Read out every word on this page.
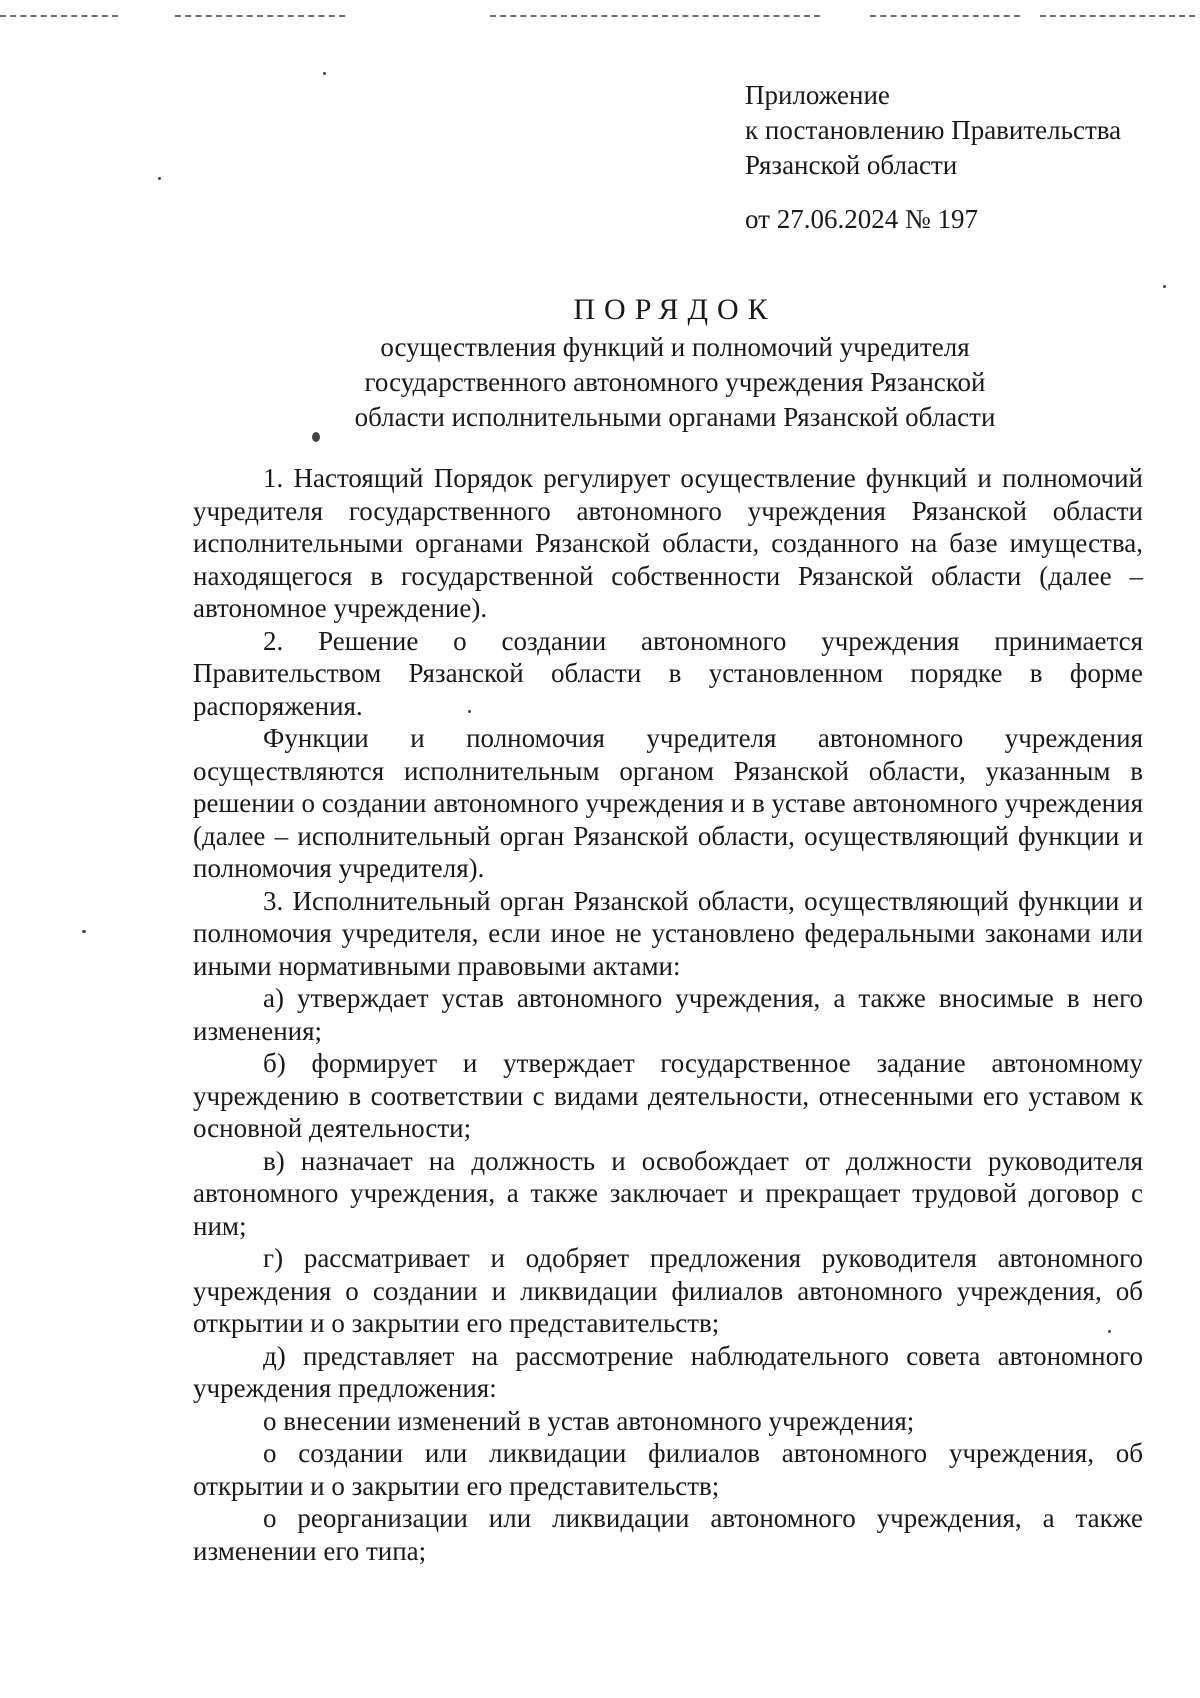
Приложение
к постановлению Правительства
Рязанской области
от 27.06.2024 № 197
ПОРЯДОК
осуществления функций и полномочий учредителя
государственного автономного учреждения Рязанской
области исполнительными органами Рязанской области

1. Настоящий Порядок регулирует осуществление функций и полномочий учредителя государственного автономного учреждения Рязанской области исполнительными органами Рязанской области, созданного на базе имущества, находящегося в государственной собственности Рязанской области (далее – автономное учреждение).

2. Решение о создании автономного учреждения принимается Правительством Рязанской области в установленном порядке в форме распоряжения.

Функции и полномочия учредителя автономного учреждения осуществляются исполнительным органом Рязанской области, указанным в решении о создании автономного учреждения и в уставе автономного учреждения (далее – исполнительный орган Рязанской области, осуществляющий функции и полномочия учредителя).

3. Исполнительный орган Рязанской области, осуществляющий функции и полномочия учредителя, если иное не установлено федеральными законами или иными нормативными правовыми актами:

а) утверждает устав автономного учреждения, а также вносимые в него изменения;

б) формирует и утверждает государственное задание автономному учреждению в соответствии с видами деятельности, отнесенными его уставом к основной деятельности;

в) назначает на должность и освобождает от должности руководителя автономного учреждения, а также заключает и прекращает трудовой договор с ним;

г) рассматривает и одобряет предложения руководителя автономного учреждения о создании и ликвидации филиалов автономного учреждения, об открытии и о закрытии его представительств;

д) представляет на рассмотрение наблюдательного совета автономного учреждения предложения:

о внесении изменений в устав автономного учреждения;

о создании или ликвидации филиалов автономного учреждения, об открытии и о закрытии его представительств;

о реорганизации или ликвидации автономного учреждения, а также изменении его типа;
